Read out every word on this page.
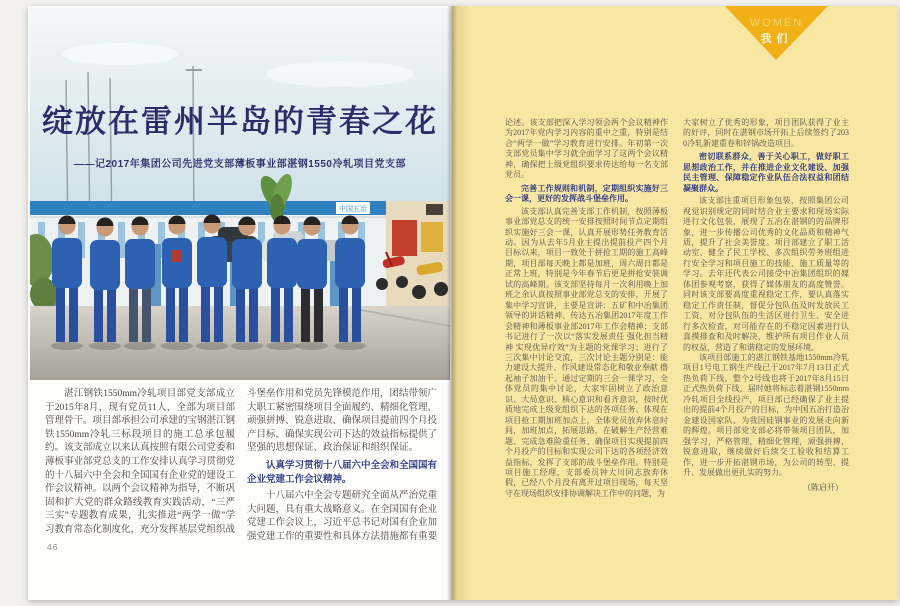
中国五冶
绽放在雷州半岛的青春之花
——记2017年集团公司先进党支部薄板事业部湛钢1550冷轧项目党支部

湛江钢铁1550mm冷轧项目部党支部成立于2015年8月，现有党员11人，全部为项目部管理骨干。项目部承担公司承建的宝钢湛江钢铁1550mm冷轧三标段项目的施工总承包履约。该支部成立以来认真按照有限公司党委和薄板事业部党总支的工作安排认真学习贯彻党的十八届六中全会和全国国有企业党的建设工作会议精神。以两个会议精神为指导，不断巩固和扩大党的群众路线教育实践活动，“三严三实”专题教育成果，扎实推进“两学一做”学习教育常态化制度化，充分发挥基层党组织战

斗堡垒作用和党员先锋模范作用，团结带领广大职工紧密围绕项目全面履约、精细化管理、顽强拼搏、锐意进取、确保项目提前四个月投产目标，确保实现公司下达的效益指标提供了坚强的思想保证、政治保证和组织保证。

认真学习贯彻十八届六中全会和全国国有企业党建工作会议精神。

十八届六中全会专题研究全面从严治党重大问题，具有重大战略意义。在全国国有企业党建工作会议上，习近平总书记对国有企业加强党建工作的重要性和具体方法措施都有重要

46
WOMEN
我们

论述。该支部把深入学习领会两个会议精神作为2017年党内学习内容的重中之重，特别是结合“两学一做”学习教育进行安排。年初第一次支部党员集中学习就全面学习了这两个会议精神，确保把上级党组织要求传达给每一名支部党员。

完善工作规则和机制，定期组织实施好三会一课，更好的发挥战斗堡垒作用。

该支部认真完善支部工作机制，按照薄板事业部党总支的统一安排按照时间节点定期组织实施好三会一课，认真开展形势任务教育活动。因为从去年5月业主提出提前投产四个月目标以来，项目一致处于拼抢工期的施工高峰期，项目部每天晚上都是加班，周六周日都是正常上班，特别是今年春节后更是拼抢安装调试的高峰期。该支部坚持每月一次利用晚上加班之余认真按照事业部党总支的安排，开展了集中学习宣讲，主要是宣讲：五矿和中冶集团领导的讲话精神、传达五冶集团2017年度工作会精神和薄板事业部2017年工作会精神；支部书记进行了一次以“落实发展责任 强化担当精神 实现优异疗效”为主题的党课学习；进行了三次集中讨论交流，三次讨论主题分别是：能力建设大提升、作风建设常态化和敬业奉献 撸起袖子加油干。通过定期的三会一课学习、全体党员的集中讨论，大家牢固树立了政治意识、大局意识、核心意识和看齐意识，按时优质地完成上级党组织下达的各项任务。体现在项目抢工期加班加点上，全体党员放弃休息时间，加班加点，拓展思路，在破解生产经营难题、完成急难险重任务、确保项目实现提前四个月投产的目标和实现公司下达的各项经济效益指标，发挥了支部的战斗堡垒作用。特别是项目施工经理、支部委员钟大川同志放弃休假，已经八个月没有离开过项目现场，每天坚守在现场组织安排协调解决工作中的问题，为

大家树立了优秀的形象，项目团队获得了业主的好评，同时在湛钢市场开拓上后续签约了2030冷轧新建重卷和锌锅改造项目。

密切联系群众，善于关心职工，做好职工思想政治工作，并在推进企业文化建设、加强民主管理、保障稳定作业队伍合法权益和团结凝聚群众。

该支部注重项目形象包装，按照集团公司视觉识别规定的同时结合业主要求和现场实际进行文化包装，展现了五冶在湛钢的的品牌形象，进一步传播公司优秀的文化品质和精神气质，提升了社会美誉度。项目部建立了职工活动室、健全了民工学校、多次组织劳务班组进行安全学习和项目施工的技能、施工质量等的学习。去年还代表公司接受中冶集团组织的媒体团参观考察，获得了媒体朋友的高度赞誉。同时该支部要高度重视稳定工作，要认真落实稳定工作责任制，督促分包队伍及时发放民工工资，对分包队伍的生活区进行卫生、安全进行多次检查，对可能存在的不稳定因素进行认真摸排查和及时解决，维护所有项目作业人员的权益，营造了和谐稳定的发展环境。

该项目部施工的湛江钢铁基地1550mm冷轧项目1号电工钢生产线已于2017年7月13日正式热负荷下线，整个2号线也将于2017年8月15日正式热负荷下线，届时她将标志着湛钢1550mm冷轧项目全线投产，项目部已经确保了业主提出的提前4个月投产的目标，为中国五冶打造冶金建设国家队、为我国硅钢事业的发展走向新的辉煌。项目部党支部必将带领项目团队，加强学习，严格管理，精细化管理，顽强拼搏，锐意进取，继续做好后续交工验收和结算工作，进一步开拓湛钢市场，为公司的转型、提升、发展做出更扎实的努力。

（陈启开）
